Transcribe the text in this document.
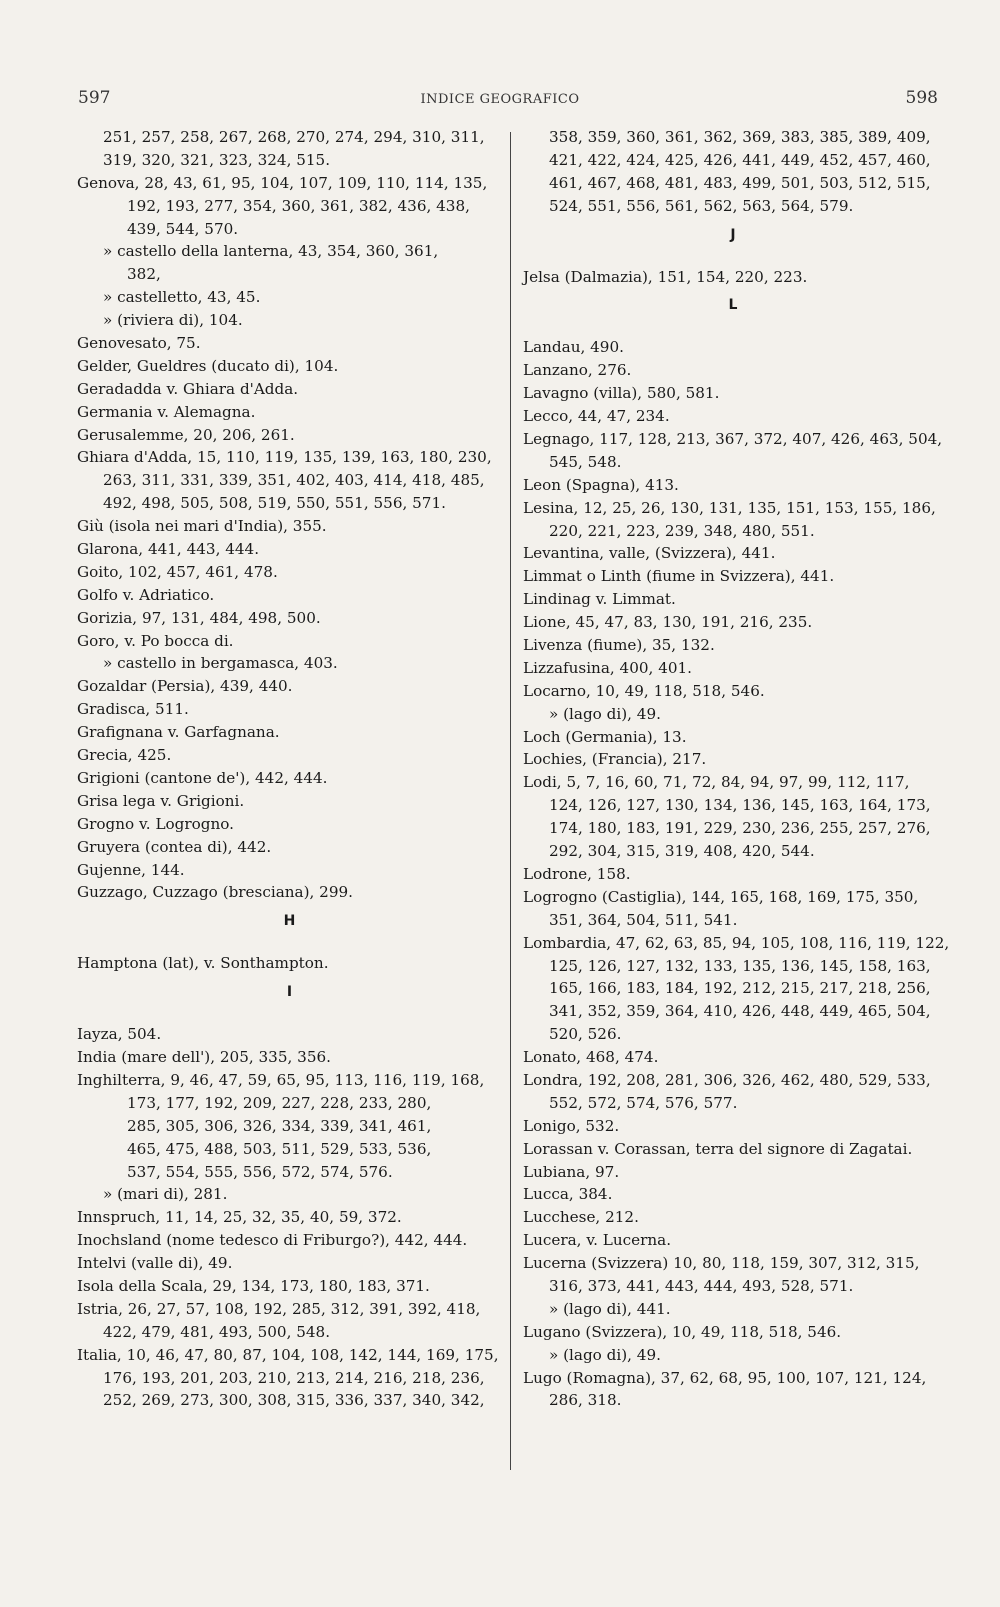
597	INDICE GEOGRAFICO	598
251, 257, 258, 267, 268, 270, 274, 294, 310, 311,
319, 320, 321, 323, 324, 515.
Genova, 28, 43, 61, 95, 104, 107, 109, 110, 114, 135,
192, 193, 277, 354, 360, 361, 382, 436, 438,
439, 544, 570.
» castello della lanterna, 43, 354, 360, 361,
382,
» castelletto, 43, 45.
» (riviera di), 104.
Genovesato, 75.
Gelder, Gueldres (ducato di), 104.
Geradadda v. Ghiara d'Adda.
Germania v. Alemagna.
Gerusalemme, 20, 206, 261.
Ghiara d'Adda, 15, 110, 119, 135, 139, 163, 180, 230,
263, 311, 331, 339, 351, 402, 403, 414, 418, 485,
492, 498, 505, 508, 519, 550, 551, 556, 571.
Giù (isola nei mari d'India), 355.
Glarona, 441, 443, 444.
Goito, 102, 457, 461, 478.
Golfo v. Adriatico.
Gorizia, 97, 131, 484, 498, 500.
Goro, v. Po bocca di.
» castello in bergamasca, 403.
Gozaldar (Persia), 439, 440.
Gradisca, 511.
Grafignana v. Garfagnana.
Grecia, 425.
Grigioni (cantone de'), 442, 444.
Grisa lega v. Grigioni.
Grogno v. Logrogno.
Gruyera (contea di), 442.
Gujenne, 144.
Guzzago, Cuzzago (bresciana), 299.
H
Hamptona (lat), v. Sonthampton.
I
Iayza, 504.
India (mare dell'), 205, 335, 356.
Inghilterra, 9, 46, 47, 59, 65, 95, 113, 116, 119, 168,
173, 177, 192, 209, 227, 228, 233, 280,
285, 305, 306, 326, 334, 339, 341, 461,
465, 475, 488, 503, 511, 529, 533, 536,
537, 554, 555, 556, 572, 574, 576.
» (mari di), 281.
Innspruch, 11, 14, 25, 32, 35, 40, 59, 372.
Inochsland (nome tedesco di Friburgo?), 442, 444.
Intelvi (valle di), 49.
Isola della Scala, 29, 134, 173, 180, 183, 371.
Istria, 26, 27, 57, 108, 192, 285, 312, 391, 392, 418,
422, 479, 481, 493, 500, 548.
Italia, 10, 46, 47, 80, 87, 104, 108, 142, 144, 169, 175,
176, 193, 201, 203, 210, 213, 214, 216, 218, 236,
252, 269, 273, 300, 308, 315, 336, 337, 340, 342,
358, 359, 360, 361, 362, 369, 383, 385, 389, 409,
421, 422, 424, 425, 426, 441, 449, 452, 457, 460,
461, 467, 468, 481, 483, 499, 501, 503, 512, 515,
524, 551, 556, 561, 562, 563, 564, 579.
J
Jelsa (Dalmazia), 151, 154, 220, 223.
L
Landau, 490.
Lanzano, 276.
Lavagno (villa), 580, 581.
Lecco, 44, 47, 234.
Legnago, 117, 128, 213, 367, 372, 407, 426, 463, 504,
545, 548.
Leon (Spagna), 413.
Lesina, 12, 25, 26, 130, 131, 135, 151, 153, 155, 186,
220, 221, 223, 239, 348, 480, 551.
Levantina, valle, (Svizzera), 441.
Limmat o Linth (fiume in Svizzera), 441.
Lindinag v. Limmat.
Lione, 45, 47, 83, 130, 191, 216, 235.
Livenza (fiume), 35, 132.
Lizzafusina, 400, 401.
Locarno, 10, 49, 118, 518, 546.
» (lago di), 49.
Loch (Germania), 13.
Lochies, (Francia), 217.
Lodi, 5, 7, 16, 60, 71, 72, 84, 94, 97, 99, 112, 117,
124, 126, 127, 130, 134, 136, 145, 163, 164, 173,
174, 180, 183, 191, 229, 230, 236, 255, 257, 276,
292, 304, 315, 319, 408, 420, 544.
Lodrone, 158.
Logrogno (Castiglia), 144, 165, 168, 169, 175, 350,
351, 364, 504, 511, 541.
Lombardia, 47, 62, 63, 85, 94, 105, 108, 116, 119, 122,
125, 126, 127, 132, 133, 135, 136, 145, 158, 163,
165, 166, 183, 184, 192, 212, 215, 217, 218, 256,
341, 352, 359, 364, 410, 426, 448, 449, 465, 504,
520, 526.
Lonato, 468, 474.
Londra, 192, 208, 281, 306, 326, 462, 480, 529, 533,
552, 572, 574, 576, 577.
Lonigo, 532.
Lorassan v. Corassan, terra del signore di Zagatai.
Lubiana, 97.
Lucca, 384.
Lucchese, 212.
Lucera, v. Lucerna.
Lucerna (Svizzera) 10, 80, 118, 159, 307, 312, 315,
316, 373, 441, 443, 444, 493, 528, 571.
» (lago di), 441.
Lugano (Svizzera), 10, 49, 118, 518, 546.
» (lago di), 49.
Lugo (Romagna), 37, 62, 68, 95, 100, 107, 121, 124,
286, 318.
